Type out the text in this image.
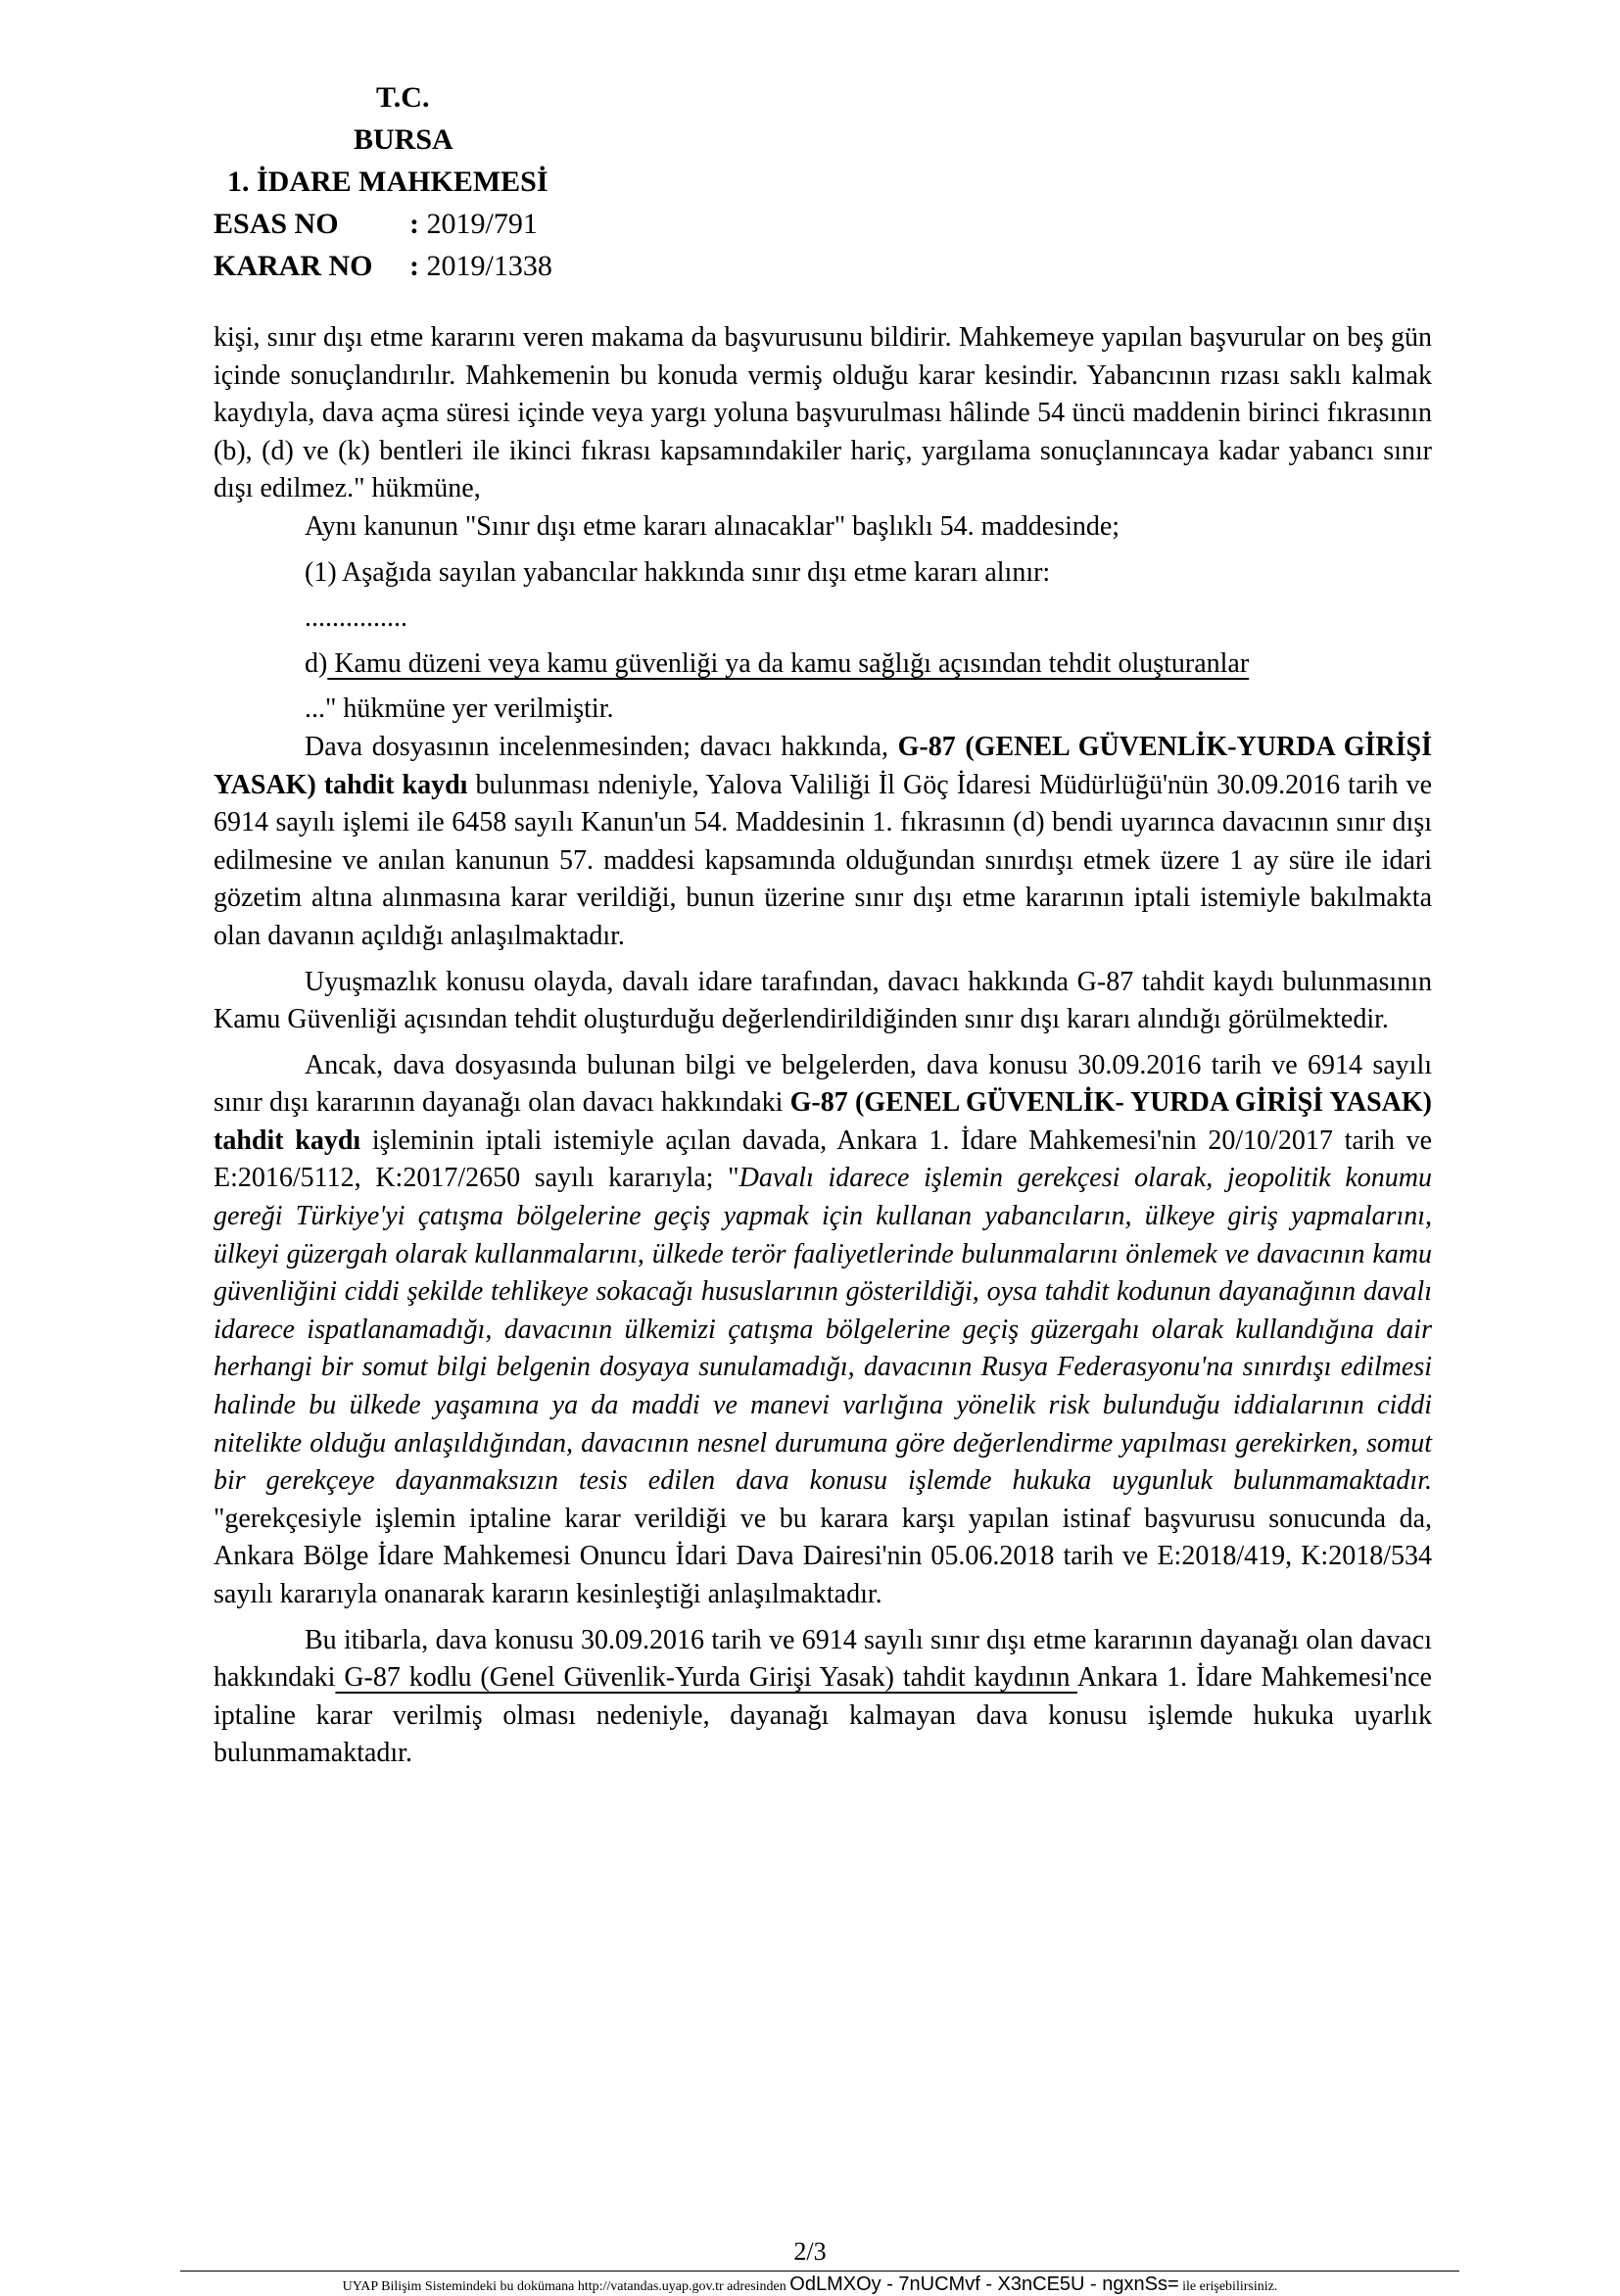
T.C.
BURSA
1. İDARE MAHKEMESİ
ESAS NO : 2019/791
KARAR NO : 2019/1338

kişi, sınır dışı etme kararını veren makama da başvurusunu bildirir. Mahkemeye yapılan başvurular on beş gün içinde sonuçlandırılır. Mahkemenin bu konuda vermiş olduğu karar kesindir. Yabancının rızası saklı kalmak kaydıyla, dava açma süresi içinde veya yargı yoluna başvurulması hâlinde 54 üncü maddenin birinci fıkrasının (b), (d) ve (k) bentleri ile ikinci fıkrası kapsamındakiler hariç, yargılama sonuçlanıncaya kadar yabancı sınır dışı edilmez." hükmüne,

Aynı kanunun "Sınır dışı etme kararı alınacaklar" başlıklı 54. maddesinde;

(1) Aşağıda sayılan yabancılar hakkında sınır dışı etme kararı alınır:

...............

d) Kamu düzeni veya kamu güvenliği ya da kamu sağlığı açısından tehdit oluşturanlar

..." hükmüne yer verilmiştir.

Dava dosyasının incelenmesinden; davacı hakkında, G-87 (GENEL GÜVENLİK-YURDA GİRİŞİ YASAK) tahdit kaydı bulunması ndeniyle, Yalova Valiliği İl Göç İdaresi Müdürlüğü'nün 30.09.2016 tarih ve 6914 sayılı işlemi ile 6458 sayılı Kanun'un 54. Maddesinin 1. fıkrasının (d) bendi uyarınca davacının sınır dışı edilmesine ve anılan kanunun 57. maddesi kapsamında olduğundan sınırdışı etmek üzere 1 ay süre ile idari gözetim altına alınmasına karar verildiği, bunun üzerine sınır dışı etme kararının iptali istemiyle bakılmakta olan davanın açıldığı anlaşılmaktadır.

Uyuşmazlık konusu olayda, davalı idare tarafından, davacı hakkında G-87 tahdit kaydı bulunmasının Kamu Güvenliği açısından tehdit oluşturduğu değerlendirildiğinden sınır dışı kararı alındığı görülmektedir.

Ancak, dava dosyasında bulunan bilgi ve belgelerden, dava konusu 30.09.2016 tarih ve 6914 sayılı sınır dışı kararının dayanağı olan davacı hakkındaki G-87 (GENEL GÜVENLİK- YURDA GİRİŞİ YASAK) tahdit kaydı işleminin iptali istemiyle açılan davada, Ankara 1. İdare Mahkemesi'nin 20/10/2017 tarih ve E:2016/5112, K:2017/2650 sayılı kararıyla; "Davalı idarece işlemin gerekçesi olarak, jeopolitik konumu gereği Türkiye'yi çatışma bölgelerine geçiş yapmak için kullanan yabancıların, ülkeye giriş yapmalarını, ülkeyi güzergah olarak kullanmalarını, ülkede terör faaliyetlerinde bulunmalarını önlemek ve davacının kamu güvenliğini ciddi şekilde tehlikeye sokacağı hususlarının gösterildiği, oysa tahdit kodunun dayanağının davalı idarece ispatlanamadığı, davacının ülkemizi çatışma bölgelerine geçiş güzergahı olarak kullandığına dair herhangi bir somut bilgi belgenin dosyaya sunulamadığı, davacının Rusya Federasyonu'na sınırdışı edilmesi halinde bu ülkede yaşamına ya da maddi ve manevi varlığına yönelik risk bulunduğu iddialarının ciddi nitelikte olduğu anlaşıldığından, davacının nesnel durumuna göre değerlendirme yapılması gerekirken, somut bir gerekçeye dayanmaksızın tesis edilen dava konusu işlemde hukuka uygunluk bulunmamaktadır. "gerekçesiyle işlemin iptaline karar verildiği ve bu karara karşı yapılan istinaf başvurusu sonucunda da, Ankara Bölge İdare Mahkemesi Onuncu İdari Dava Dairesi'nin 05.06.2018 tarih ve E:2018/419, K:2018/534 sayılı kararıyla onanarak kararın kesinleştiği anlaşılmaktadır.

Bu itibarla, dava konusu 30.09.2016 tarih ve 6914 sayılı sınır dışı etme kararının dayanağı olan davacı hakkındaki G-87 kodlu (Genel Güvenlik-Yurda Girişi Yasak) tahdit kaydının Ankara 1. İdare Mahkemesi'nce iptaline karar verilmiş olması nedeniyle, dayanağı kalmayan dava konusu işlemde hukuka uyarlık bulunmamaktadır.

2/3
UYAP Bilişim Sistemindeki bu dokümana http://vatandas.uyap.gov.tr adresinden OdLMXOy - 7nUCMvf - X3nCE5U - ngxnSs= ile erişebilirsiniz.
